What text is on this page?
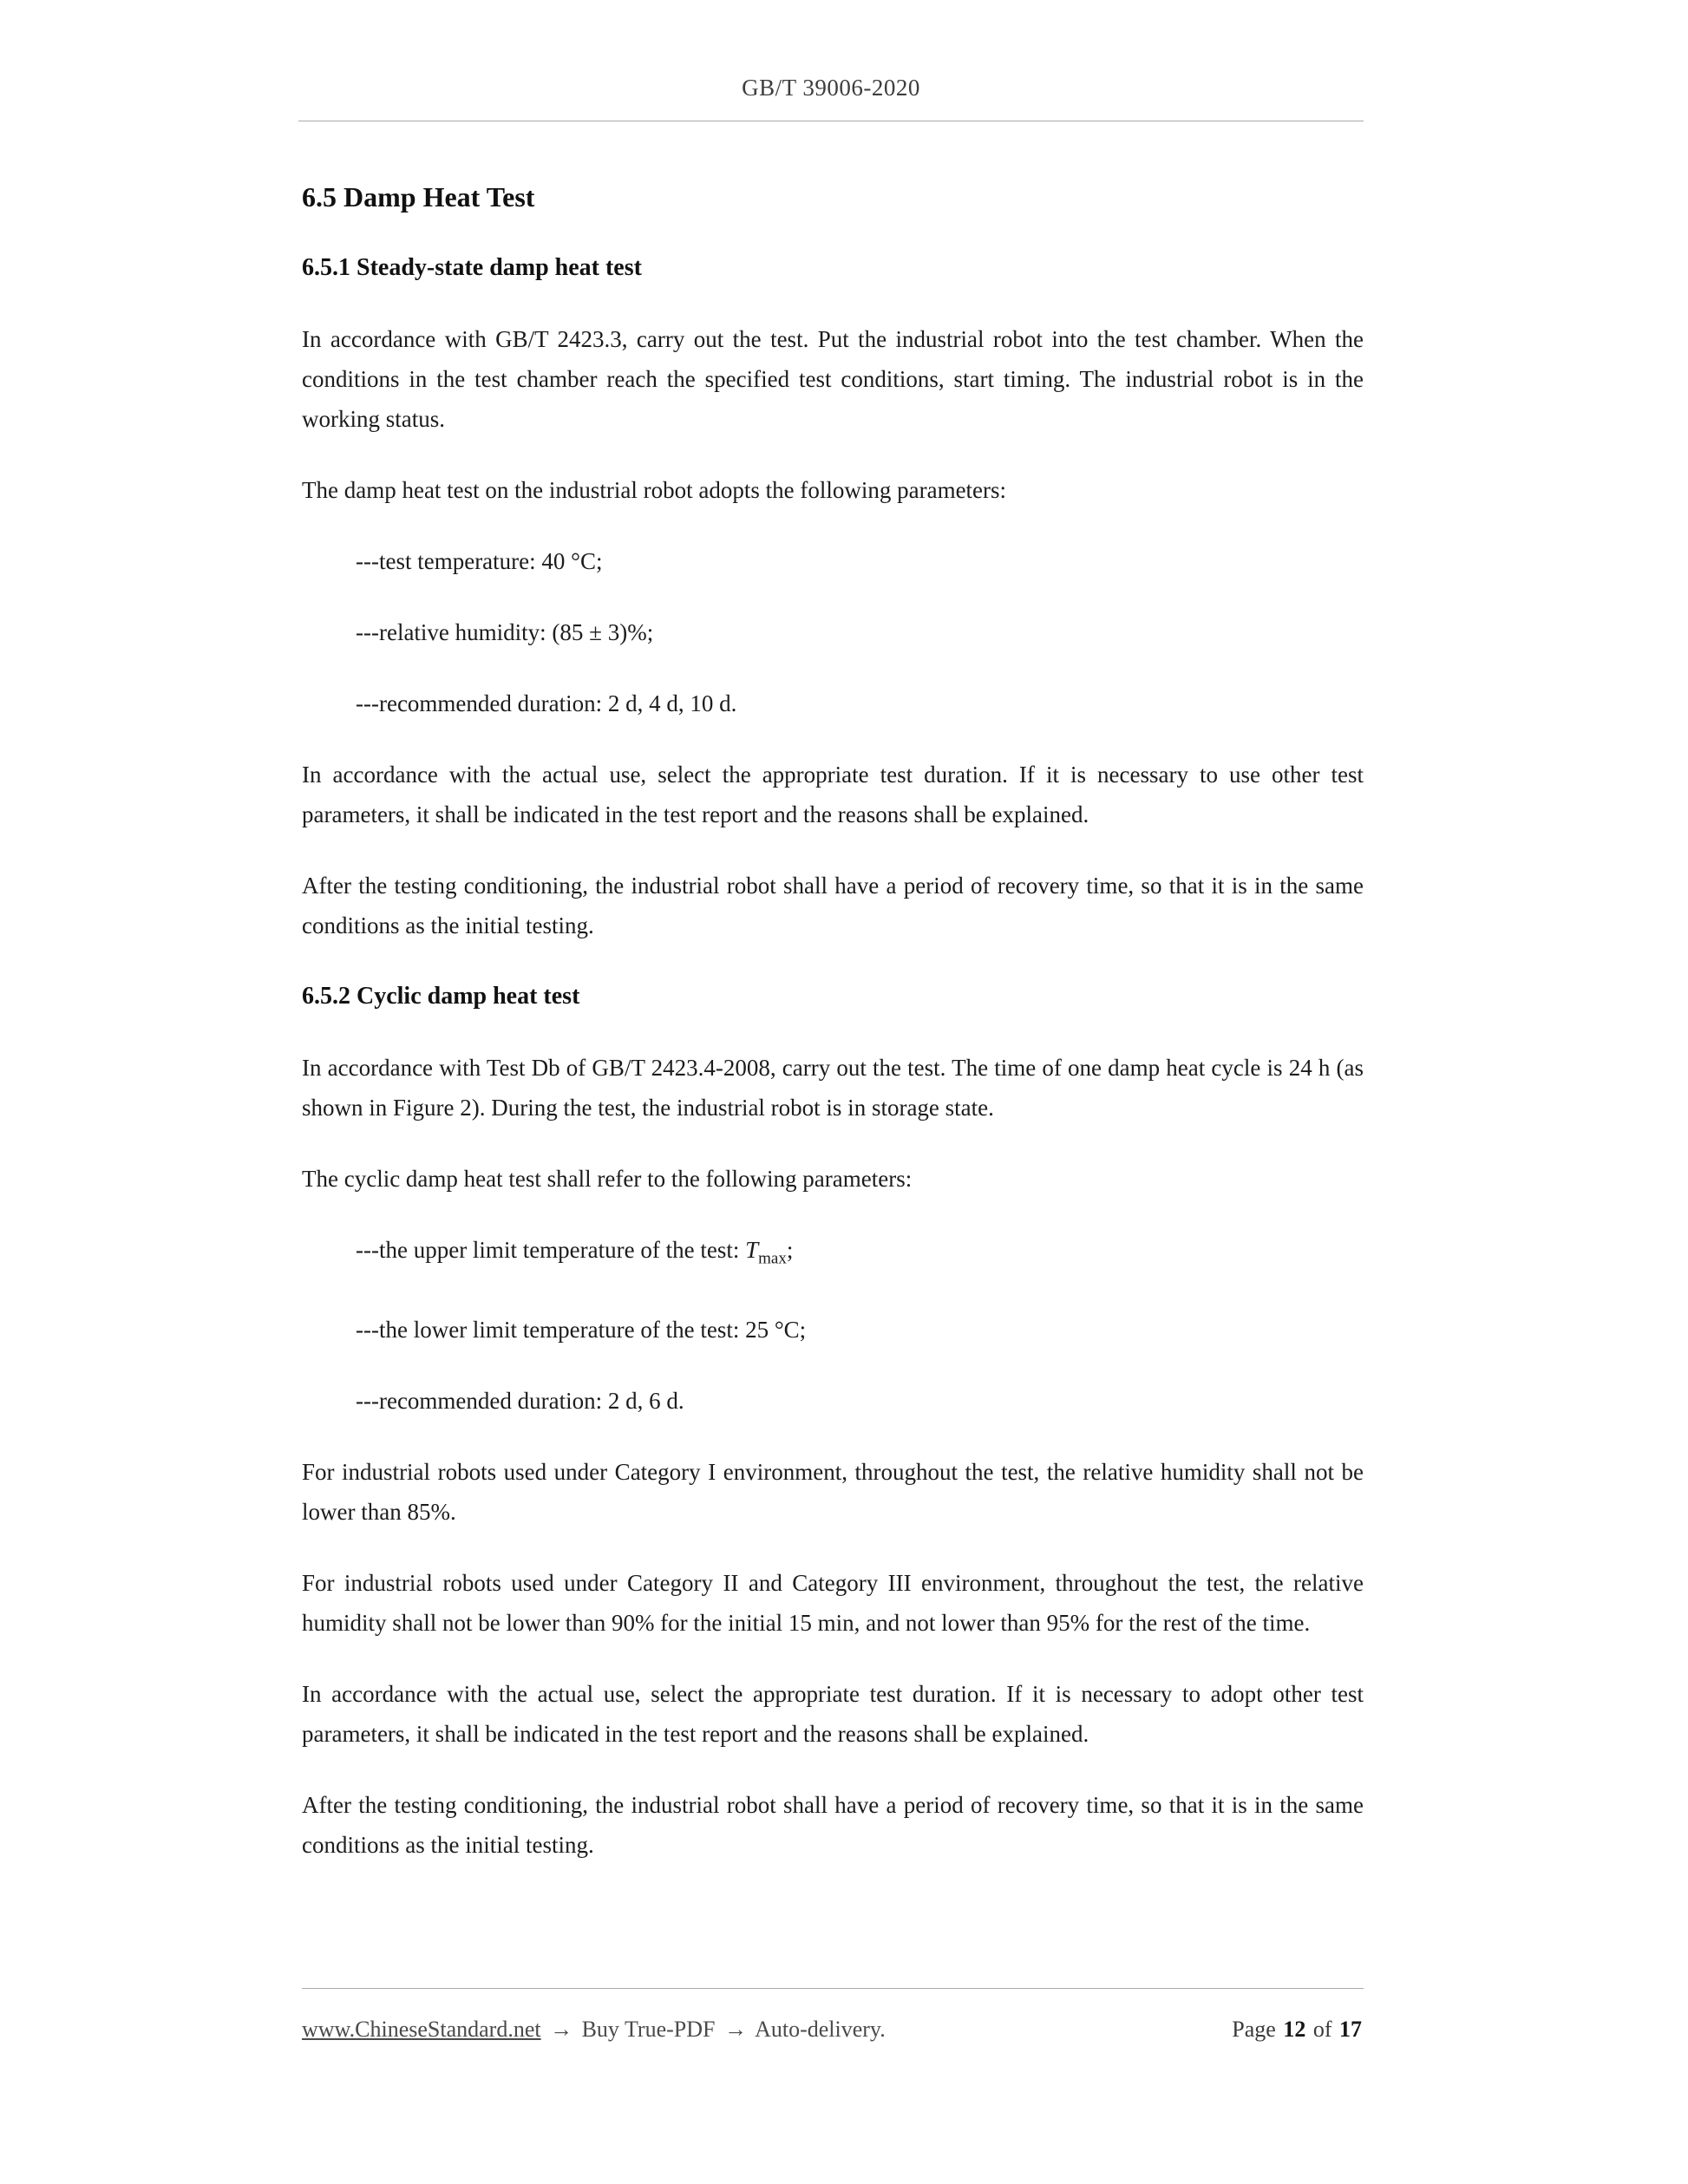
GB/T 39006-2020
6.5 Damp Heat Test
6.5.1 Steady-state damp heat test

In accordance with GB/T 2423.3, carry out the test. Put the industrial robot into the test chamber. When the conditions in the test chamber reach the specified test conditions, start timing. The industrial robot is in the working status.

The damp heat test on the industrial robot adopts the following parameters:

---test temperature: 40 °C;

---relative humidity: (85 ± 3)%;

---recommended duration: 2 d, 4 d, 10 d.

In accordance with the actual use, select the appropriate test duration. If it is necessary to use other test parameters, it shall be indicated in the test report and the reasons shall be explained.

After the testing conditioning, the industrial robot shall have a period of recovery time, so that it is in the same conditions as the initial testing.

6.5.2 Cyclic damp heat test

In accordance with Test Db of GB/T 2423.4-2008, carry out the test. The time of one damp heat cycle is 24 h (as shown in Figure 2). During the test, the industrial robot is in storage state.

The cyclic damp heat test shall refer to the following parameters:

---the upper limit temperature of the test: $T_{max}$;

---the lower limit temperature of the test: 25 °C;

---recommended duration: 2 d, 6 d.

For industrial robots used under Category I environment, throughout the test, the relative humidity shall not be lower than 85%.

For industrial robots used under Category II and Category III environment, throughout the test, the relative humidity shall not be lower than 90% for the initial 15 min, and not lower than 95% for the rest of the time.

In accordance with the actual use, select the appropriate test duration. If it is necessary to adopt other test parameters, it shall be indicated in the test report and the reasons shall be explained.

After the testing conditioning, the industrial robot shall have a period of recovery time, so that it is in the same conditions as the initial testing.

www.ChineseStandard.net → Buy True-PDF → Auto-delivery.	Page 12 of 17
